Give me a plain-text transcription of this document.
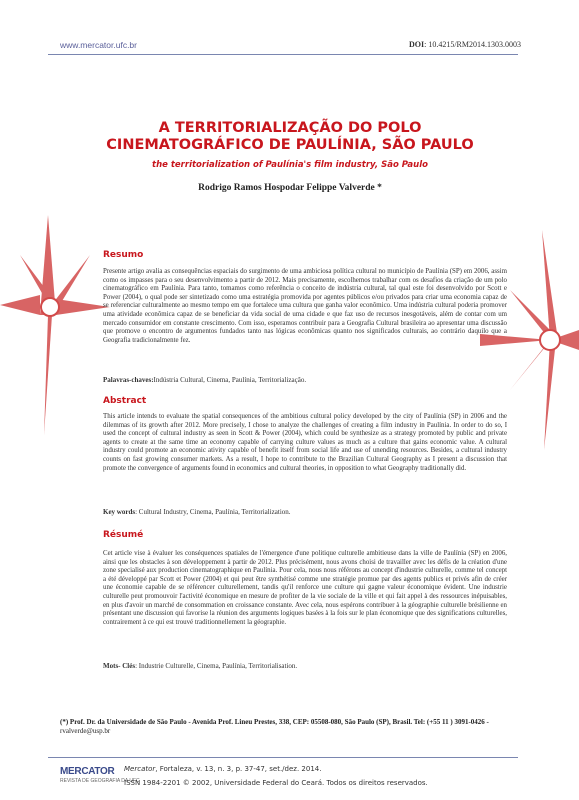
www.mercator.ufc.br	DOI: 10.4215/RM2014.1303.0003
A TERRITORIALIZAÇÃO DO POLO
CINEMATOGRÁFICO DE PAULÍNIA, SÃO PAULO
the territorialization of Paulínia's film industry, São Paulo
Rodrigo Ramos Hospodar Felippe Valverde *
Resumo
Presente artigo avalia as consequências espaciais do surgimento de uma ambiciosa política cultural no município de Paulínia (SP) em 2006, assim como os impasses para o seu desenvolvimento a partir de 2012. Mais precisamente, escolhemos trabalhar com os desafios da criação de um polo cinematográfico em Paulínia. Para tanto, tomamos como referência o conceito de indústria cultural, tal qual este foi desenvolvido por Scott e Power (2004), o qual pode ser sintetizado como uma estratégia promovida por agentes públicos e/ou privados para criar uma economia capaz de se referenciar culturalmente ao mesmo tempo em que fortalece uma cultura que ganha valor econômico. Uma indústria cultural poderia promover uma atividade econômica capaz de se beneficiar da vida social de uma cidade e que faz uso de recursos inesgotáveis, além de contar com um mercado consumidor em constante crescimento. Com isso, esperamos contribuir para a Geografia Cultural brasileira ao apresentar uma discussão que promove o encontro de argumentos fundados tanto nas lógicas econômicas quanto nos significados culturais, ao contrário daquilo que a Geografia tradicionalmente fez.
Palavras-chaves:Indústria Cultural, Cinema, Paulínia, Territorialização.
Abstract
This article intends to evaluate the spatial consequences of the ambitious cultural policy developed by the city of Paulínia (SP) in 2006 and the dilemmas of its growth after 2012. More precisely, I chose to analyze the challenges of creating a film industry in Paulínia. In order to do so, I used the concept of cultural industry as seen in Scott & Power (2004), which could be synthesize as a strategy promoted by public and private agents to create at the same time an economy capable of carrying culture values as much as a culture that gains economic value. A cultural industry could promote an economic ativity capable of benefit itself from social life and use of unending resources. Besides, a cultural industry counts on fast growing consumer markets. As a result, I hope to contribute to the Brazilian Cultural Geography as I present a discussion that promote the convergence of arguments found in economics and cultural theories, in opposition to what Geography traditionally did.
Key words: Cultural Industry, Cinema, Paulínia, Territorialization.
Résumé
Cet article vise à évaluer les conséquences spatiales de l'émergence d'une politique culturelle ambitieuse dans la ville de Paulínia (SP) en 2006, ainsi que les obstacles à son développement à partir de 2012. Plus précisément, nous avons choisi de travailler avec les défis de la création d'une zone specialisé aux production cinematographique en Paulínia. Pour cela, nous nous référons au concept d'industrie culturelle, comme tel concept a été développé par Scott et Power (2004) et qui peut être synthétisé comme une stratégie promue par des agents publics et privés afin de créer une économie capable de se référencer culturellement, tandis qu'il renforce une culture qui gagne valeur économique évident. Une industrie culturelle peut promouvoir l'activité économique en mesure de profiter de la vie sociale de la ville et qui fait appel à des ressources inépuisables, en plus d'avoir un marché de consommation en croissance constante. Avec cela, nous espérons contribuer à la géographie culturelle brésilienne en présentant une discussion qui favorise la réunion des arguments logiques basées à la fois sur le plan économique que des significations culturelles, contrairement à ce qui est trouvé traditionnellement la géographie.
Mots- Clés: Industrie Culturelle, Cinema, Paulínia, Territorialisation.
(*) Prof. Dr. da Universidade de São Paulo - Avenida Prof. Lineu Prestes, 338, CEP: 05508-080, São Paulo (SP), Brasil. Tel: (+55 11 ) 3091-0426 - rvalverde@usp.br
MERCATOR
REVISTA DE GEOGRAFIA DA UFC
Mercator, Fortaleza, v. 13, n. 3, p. 37-47, set./dez. 2014.
ISSN 1984-2201 © 2002, Universidade Federal do Ceará. Todos os direitos reservados.
